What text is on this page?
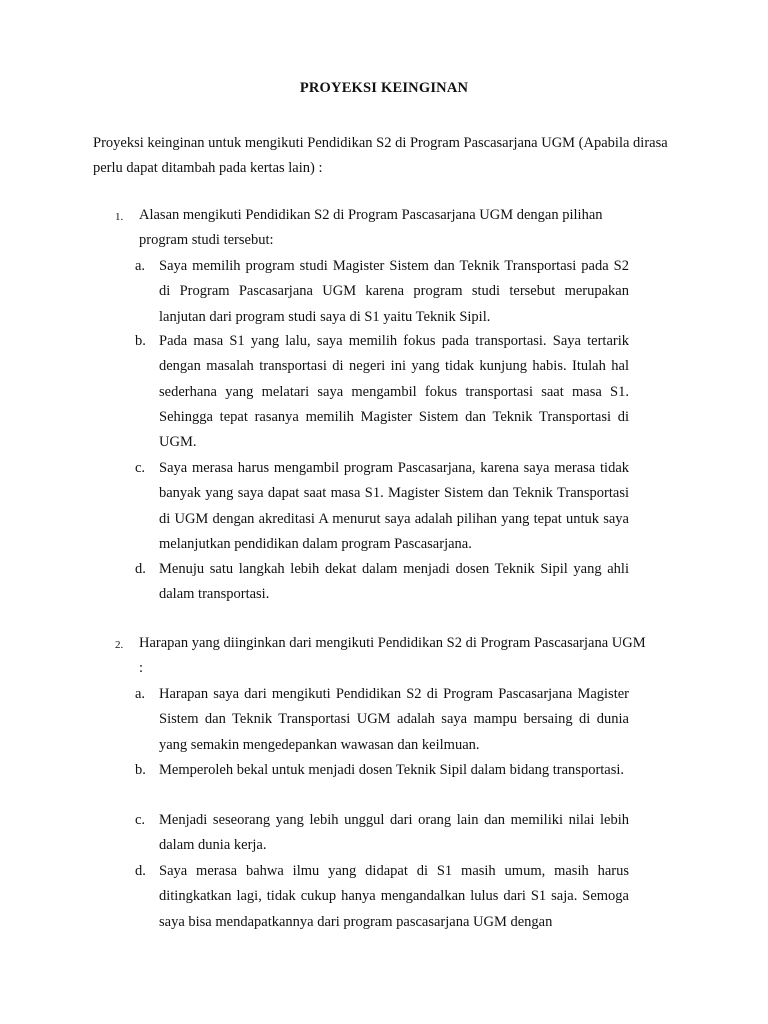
PROYEKSI KEINGINAN

Proyeksi keinginan untuk mengikuti Pendidikan S2 di Program Pascasarjana UGM (Apabila dirasa perlu dapat ditambah pada kertas lain) :

1. Alasan mengikuti Pendidikan S2 di Program Pascasarjana UGM dengan pilihan program studi tersebut:

a. Saya memilih program studi Magister Sistem dan Teknik Transportasi pada S2 di Program Pascasarjana UGM karena program studi tersebut merupakan lanjutan dari program studi saya di S1 yaitu Teknik Sipil.

b. Pada masa S1 yang lalu, saya memilih fokus pada transportasi. Saya tertarik dengan masalah transportasi di negeri ini yang tidak kunjung habis. Itulah hal sederhana yang melatari saya mengambil fokus transportasi saat masa S1. Sehingga tepat rasanya memilih Magister Sistem dan Teknik Transportasi di UGM.

c. Saya merasa harus mengambil program Pascasarjana, karena saya merasa tidak banyak yang saya dapat saat masa S1. Magister Sistem dan Teknik Transportasi di UGM dengan akreditasi A menurut saya adalah pilihan yang tepat untuk saya melanjutkan pendidikan dalam program Pascasarjana.

d. Menuju satu langkah lebih dekat dalam menjadi dosen Teknik Sipil yang ahli dalam transportasi.

2. Harapan yang diinginkan dari mengikuti Pendidikan S2 di Program Pascasarjana UGM :

a. Harapan saya dari mengikuti Pendidikan S2 di Program Pascasarjana Magister Sistem dan Teknik Transportasi UGM adalah saya mampu bersaing di dunia yang semakin mengedepankan wawasan dan keilmuan.

b. Memperoleh bekal untuk menjadi dosen Teknik Sipil dalam bidang transportasi.

c. Menjadi seseorang yang lebih unggul dari orang lain dan memiliki nilai lebih dalam dunia kerja.

d. Saya merasa bahwa ilmu yang didapat di S1 masih umum, masih harus ditingkatkan lagi, tidak cukup hanya mengandalkan lulus dari S1 saja. Semoga saya bisa mendapatkannya dari program pascasarjana UGM dengan
